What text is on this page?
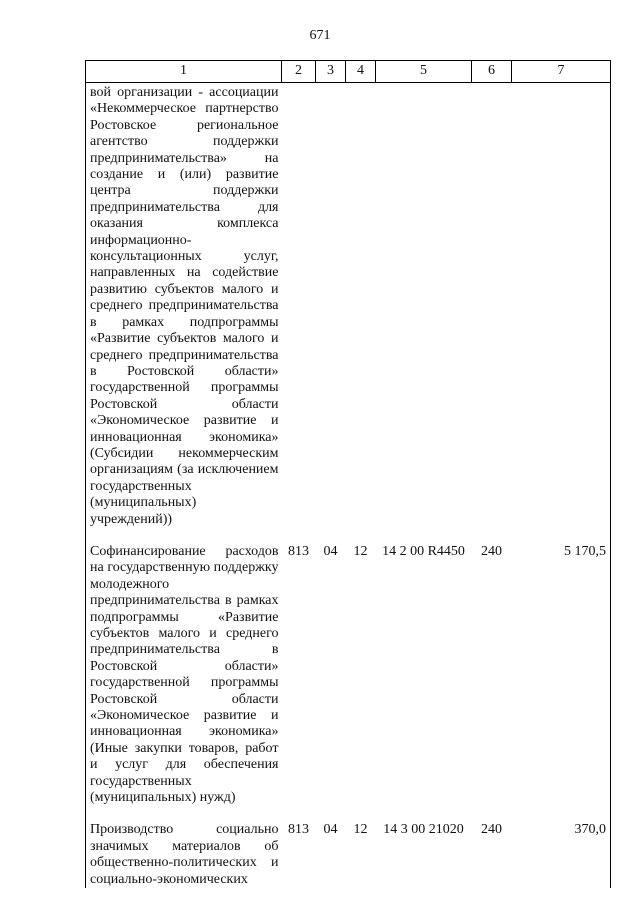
671
1	2	3	4	5	6	7
вой организации - ассоциации «Некоммерческое партнерство Ростовское региональное агентство поддержки предпринимательства» на создание и (или) развитие центра поддержки предпринимательства для оказания комплекса информационно-консультационных услуг, направленных на содействие развитию субъектов малого и среднего предпринимательства в рамках подпрограммы «Развитие субъектов малого и среднего предпринимательства в Ростовской области» государственной программы Ростовской области «Экономическое развитие и инновационная экономика» (Субсидии некоммерческим организациям (за исключением государственных (муниципальных) учреждений))						

Софинансирование расходов на государственную поддержку молодежного предпринимательства в рамках подпрограммы «Развитие субъектов малого и среднего предпринимательства в Ростовской области» государственной программы Ростовской области «Экономическое развитие и инновационная экономика» (Иные закупки товаров, работ и услуг для обеспечения государственных (муниципальных) нужд)	813	04	12	14 2 00 R4450	240	5 170,5

Производство социально значимых материалов об общественно-политических и социально-экономических	813	04	12	14 3 00 21020	240	370,0
